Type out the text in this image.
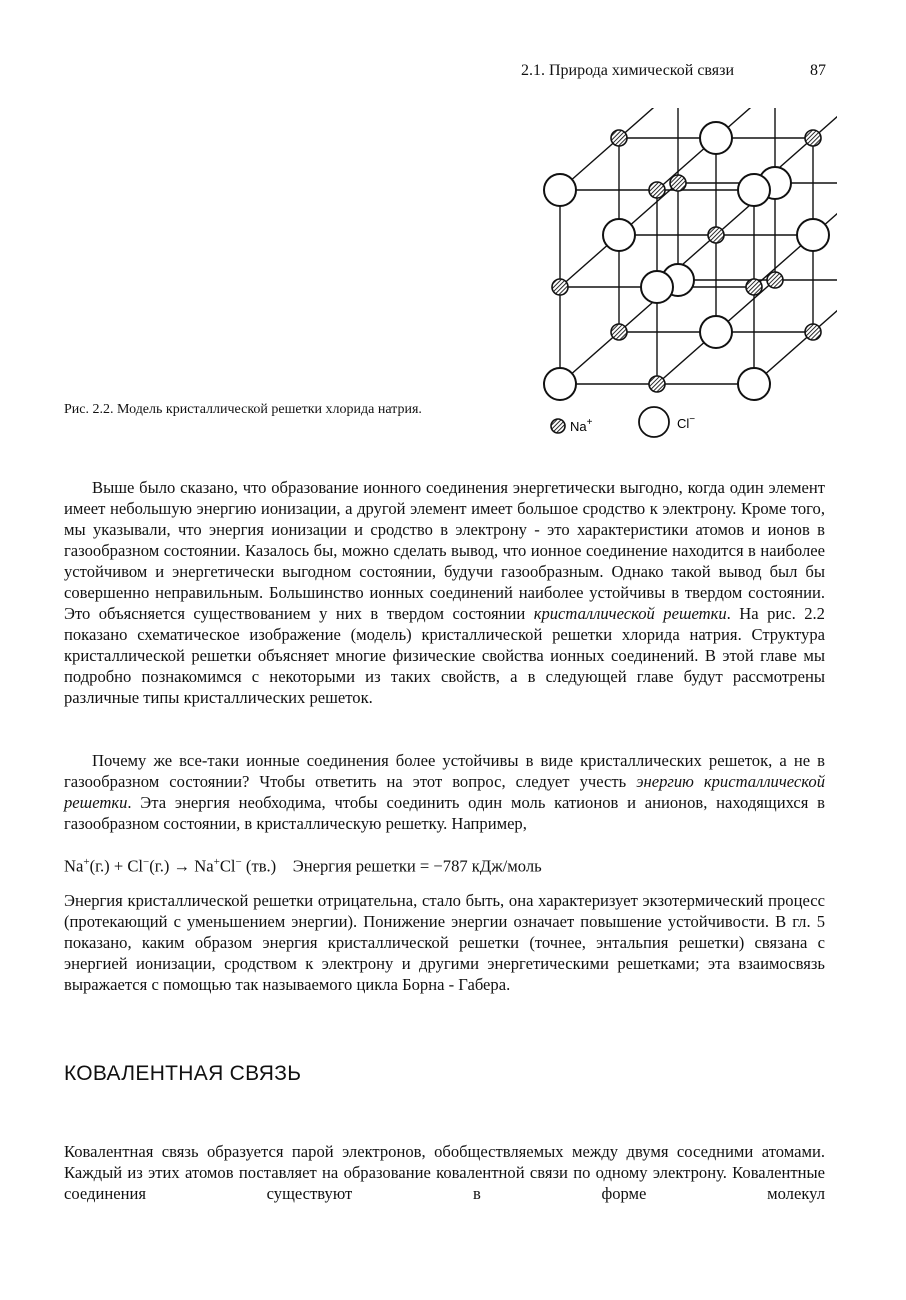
2.1. Природа химической связи	87
Na+	Cl−
Рис. 2.2. Модель кристаллической решетки хлорида натрия.

Выше было сказано, что образование ионного соединения энергетически выгодно, когда один элемент имеет небольшую энергию ионизации, а другой элемент имеет большое сродство к электрону. Кроме того, мы указывали, что энергия ионизации и сродство в электрону - это характеристики атомов и ионов в газообразном состоянии. Казалось бы, можно сделать вывод, что ионное соединение находится в наиболее устойчивом и энергетически выгодном состоянии, будучи газообразным. Однако такой вывод был бы совершенно неправильным. Большинство ионных соединений наиболее устойчивы в твердом состоянии. Это объясняется существованием у них в твердом состоянии кристаллической решетки. На рис. 2.2 показано схематическое изображение (модель) кристаллической решетки хлорида натрия. Структура кристаллической решетки объясняет многие физические свойства ионных соединений. В этой главе мы подробно познакомимся с некоторыми из таких свойств, а в следующей главе будут рассмотрены различные типы кристаллических решеток.

Почему же все-таки ионные соединения более устойчивы в виде кристаллических решеток, а не в газообразном состоянии? Чтобы ответить на этот вопрос, следует учесть энергию кристаллической решетки. Эта энергия необходима, чтобы соединить один моль катионов и анионов, находящихся в газообразном состоянии, в кристаллическую решетку. Например,

Na+(г.) + Cl−(г.) → Na+Cl− (тв.) Энергия решетки = −787 кДж/моль

Энергия кристаллической решетки отрицательна, стало быть, она характеризует экзотермический процесс (протекающий с уменьшением энергии). Понижение энергии означает повышение устойчивости. В гл. 5 показано, каким образом энергия кристаллической решетки (точнее, энтальпия решетки) связана с энергией ионизации, сродством к электрону и другими энергетическими решетками; эта взаимосвязь выражается с помощью так называемого цикла Борна - Габера.

КОВАЛЕНТНАЯ СВЯЗЬ

Ковалентная связь образуется парой электронов, обобществляемых между двумя соседними атомами. Каждый из этих атомов поставляет на образование ковалентной связи по одному электрону. Ковалентные соединения существуют в форме молекул
